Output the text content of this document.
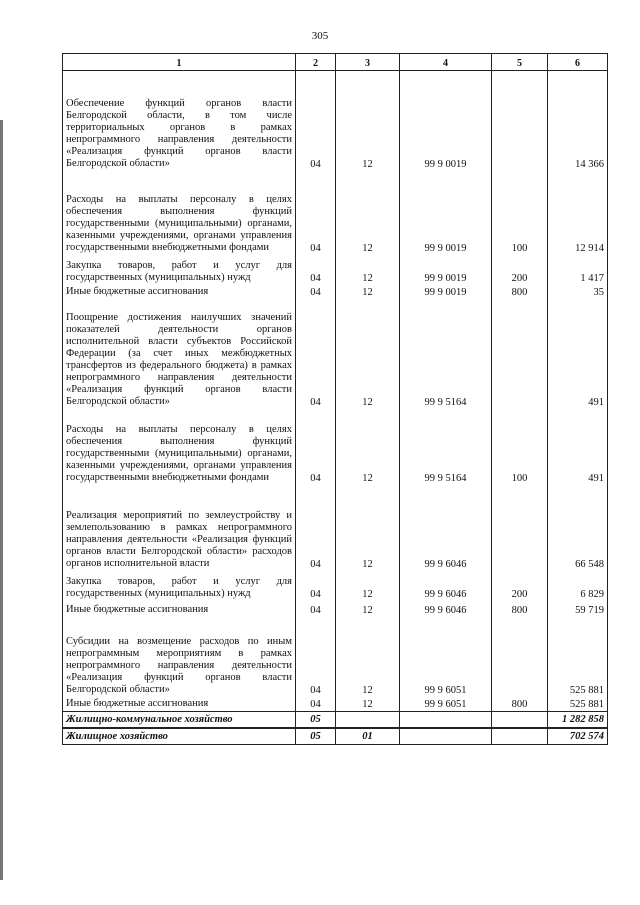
305
1	2	3	4	5	6
Обеспечение функций органов власти Белгородской области, в том числе территориальных органов в рамках непрограммного направления деятельности «Реализация функций органов власти Белгородской области»	04	12	99 9 0019		14 366
Расходы на выплаты персоналу в целях обеспечения выполнения функций государственными (муниципальными) органами, казенными учреждениями, органами управления государственными внебюджетными фондами	04	12	99 9 0019	100	12 914
Закупка товаров, работ и услуг для государственных (муниципальных) нужд	04	12	99 9 0019	200	1 417
Иные бюджетные ассигнования	04	12	99 9 0019	800	35
Поощрение достижения наилучших значений показателей деятельности органов исполнительной власти субъектов Российской Федерации (за счет иных межбюджетных трансфертов из федерального бюджета) в рамках непрограммного направления деятельности «Реализация функций органов власти Белгородской области»	04	12	99 9 5164		491
Расходы на выплаты персоналу в целях обеспечения выполнения функций государственными (муниципальными) органами, казенными учреждениями, органами управления государственными внебюджетными фондами	04	12	99 9 5164	100	491
Реализация мероприятий по землеустройству и землепользованию в рамках непрограммного направления деятельности «Реализация функций органов власти Белгородской области» расходов органов исполнительной власти	04	12	99 9 6046		66 548
Закупка товаров, работ и услуг для государственных (муниципальных) нужд	04	12	99 9 6046	200	6 829
Иные бюджетные ассигнования	04	12	99 9 6046	800	59 719
Субсидии на возмещение расходов по иным непрограммным мероприятиям в рамках непрограммного направления деятельности «Реализация функций органов власти Белгородской области»	04	12	99 9 6051		525 881
Иные бюджетные ассигнования	04	12	99 9 6051	800	525 881
Жилищно-коммунальное хозяйство	05				1 282 858
Жилищное хозяйство	05	01			702 574
